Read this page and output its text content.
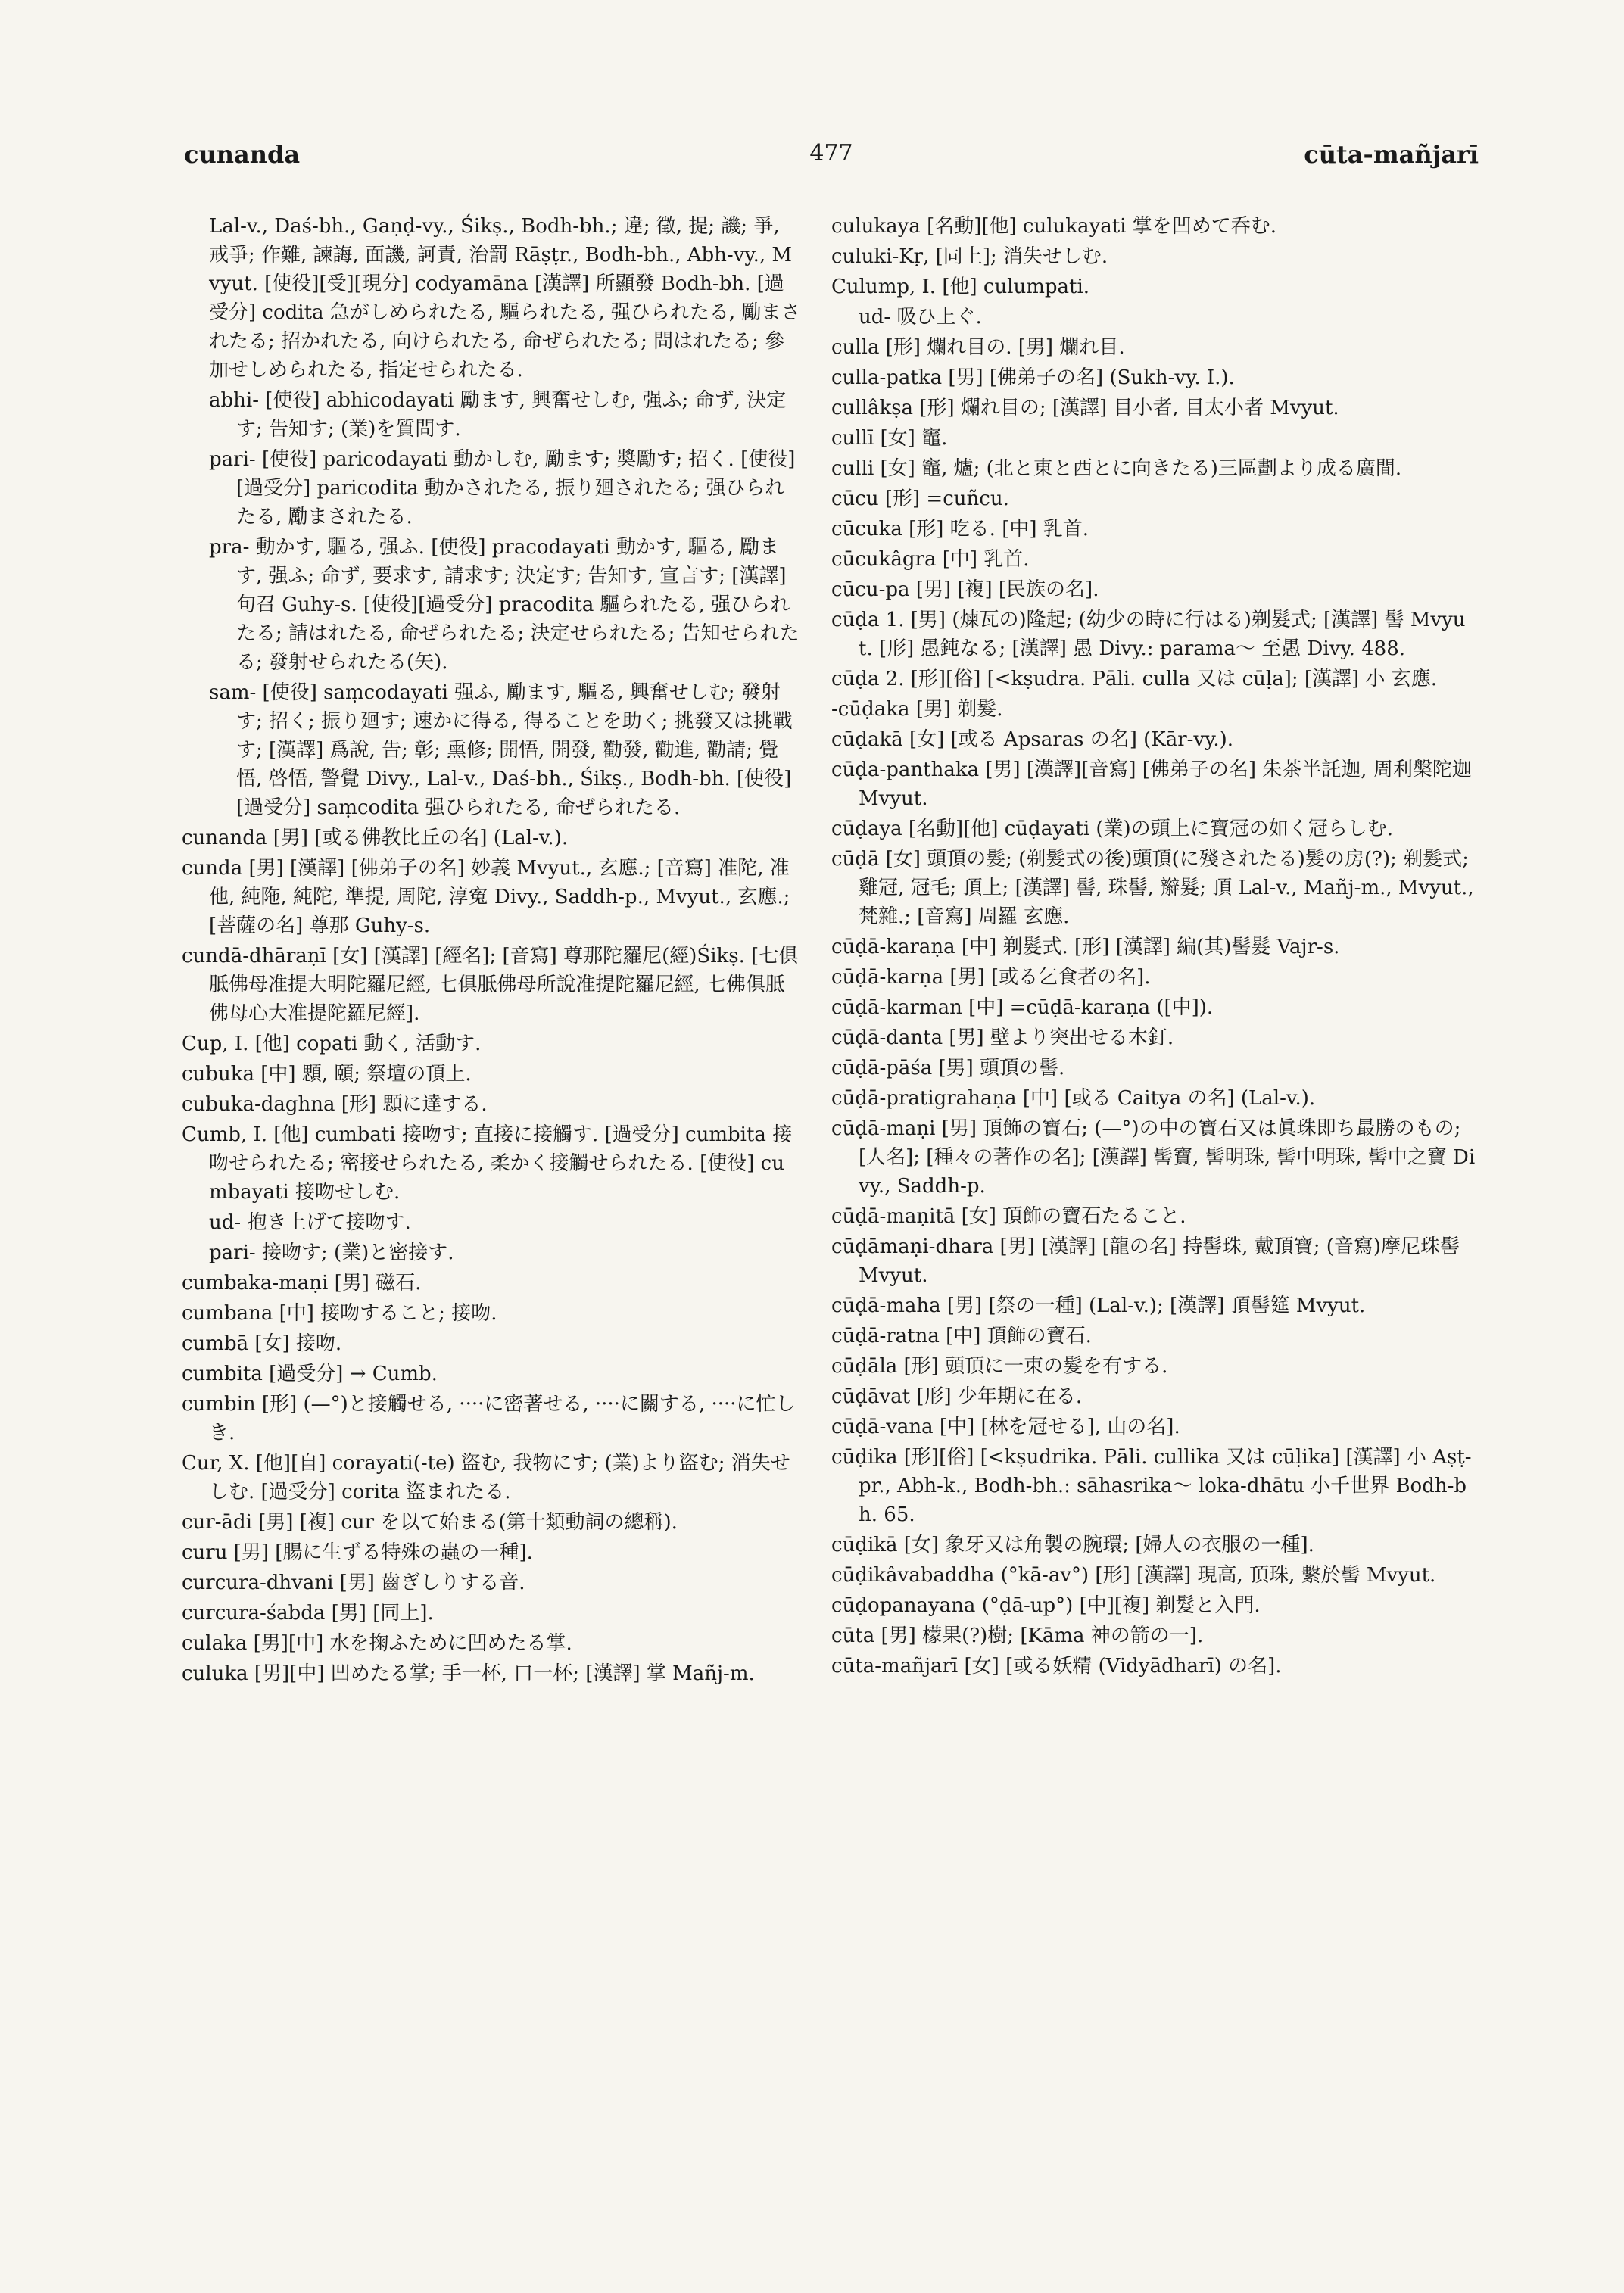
cunanda	477	cūta-mañjarī
Lal-v., Daś-bh., Gaṇḍ-vy., Śikṣ., Bodh-bh.; 違; 徵, 提; 譏; 爭, 戒爭; 作難, 諫誨, 面譏, 訶責, 治罰 Rāṣṭr., Bodh-bh., Abh-vy., Mvyut. [使役][受][現分] codyamāna [漢譯] 所顯發 Bodh-bh. [過受分] codita 急がしめられたる, 驅られたる, 强ひられたる, 勵まされたる; 招かれたる, 向けられたる, 命ぜられたる; 問はれたる; 參加せしめられたる, 指定せられたる.
abhi- [使役] abhicodayati 勵ます, 興奮せしむ, 强ふ; 命ず, 決定す; 告知す; (業)を質問す.
pari- [使役] paricodayati 動かしむ, 勵ます; 奬勵す; 招く. [使役][過受分] paricodita 動かされたる, 振り廻されたる; 强ひられたる, 勵まされたる.
pra- 動かす, 驅る, 强ふ. [使役] pracodayati 動かす, 驅る, 勵ます, 强ふ; 命ず, 要求す, 請求す; 決定す; 告知す, 宣言す; [漢譯] 句召 Guhy-s. [使役][過受分] pracodita 驅られたる, 强ひられたる; 請はれたる, 命ぜられたる; 決定せられたる; 告知せられたる; 發射せられたる(矢).
sam- [使役] saṃcodayati 强ふ, 勵ます, 驅る, 興奮せしむ; 發射す; 招く; 振り廻す; 速かに得る, 得ることを助く; 挑發又は挑戰す; [漢譯] 爲說, 告; 彰; 熏修; 開悟, 開發, 勸發, 勸進, 勸請; 覺悟, 啓悟, 警覺 Divy., Lal-v., Daś-bh., Śikṣ., Bodh-bh. [使役][過受分] saṃcodita 强ひられたる, 命ぜられたる.
cunanda [男] [或る佛教比丘の名] (Lal-v.).
cunda [男] [漢譯] [佛弟子の名] 妙義 Mvyut., 玄應.; [音寫] 准陀, 准他, 純陁, 純陀, 準提, 周陀, 淳寃 Divy., Saddh-p., Mvyut., 玄應.; [菩薩の名] 尊那 Guhy-s.
cundā-dhāraṇī [女] [漢譯] [經名]; [音寫] 尊那陀羅尼(經)Śikṣ. [七俱胝佛母准提大明陀羅尼經, 七俱胝佛母所說准提陀羅尼經, 七佛俱胝佛母心大准提陀羅尼經].
Cup, I. [他] copati 動く, 活動す.
cubuka [中] 顋, 頤; 祭壇の頂上.
cubuka-daghna [形] 顋に達する.
Cumb, I. [他] cumbati 接吻す; 直接に接觸す. [過受分] cumbita 接吻せられたる; 密接せられたる, 柔かく接觸せられたる. [使役] cumbayati 接吻せしむ.
ud- 抱き上げて接吻す.
pari- 接吻す; (業)と密接す.
cumbaka-maṇi [男] 磁石.
cumbana [中] 接吻すること; 接吻.
cumbā [女] 接吻.
cumbita [過受分] → Cumb.
cumbin [形] (—°)と接觸せる, ····に密著せる, ····に關する, ····に忙しき.
Cur, X. [他][自] corayati(-te) 盜む, 我物にす; (業)より盜む; 消失せしむ. [過受分] corita 盜まれたる.
cur-ādi [男] [複] cur を以て始まる(第十類動詞の總稱).
curu [男] [腸に生ずる特殊の蟲の一種].
curcura-dhvani [男] 齒ぎしりする音.
curcura-śabda [男] [同上].
culaka [男][中] 水を掬ふために凹めたる掌.
culuka [男][中] 凹めたる掌; 手一杯, 口一杯; [漢譯] 掌 Mañj-m.
culukaya [名動][他] culukayati 掌を凹めて呑む.
culuki-Kṛ, [同上]; 消失せしむ.
Culump, I. [他] culumpati.
ud- 吸ひ上ぐ.
culla [形] 爛れ目の. [男] 爛れ目.
culla-patka [男] [佛弟子の名] (Sukh-vy. I.).
cullâkṣa [形] 爛れ目の; [漢譯] 目小者, 目太小者 Mvyut.
cullī [女] 竈.
culli [女] 竈, 爐; (北と東と西とに向きたる)三區劃より成る廣間.
cūcu [形] =cuñcu.
cūcuka [形] 吃る. [中] 乳首.
cūcukâgra [中] 乳首.
cūcu-pa [男] [複] [民族の名].
cūḍa 1. [男] (煉瓦の)隆起; (幼少の時に行はる)剃髮式; [漢譯] 髻 Mvyut. [形] 愚鈍なる; [漢譯] 愚 Divy.: parama〜 至愚 Divy. 488.
cūḍa 2. [形][俗] [<kṣudra. Pāli. culla 又は cūḷa]; [漢譯] 小 玄應.
-cūḍaka [男] 剃髮.
cūḍakā [女] [或る Apsaras の名] (Kār-vy.).
cūḍa-panthaka [男] [漢譯][音寫] [佛弟子の名] 朱茶半託迦, 周利槃陀迦 Mvyut.
cūḍaya [名動][他] cūḍayati (業)の頭上に寶冠の如く冠らしむ.
cūḍā [女] 頭頂の髮; (剃髮式の後)頭頂(に殘されたる)髮の房(?); 剃髮式; 雞冠, 冠毛; 頂上; [漢譯] 髻, 珠髻, 辮髮; 頂 Lal-v., Mañj-m., Mvyut., 梵雜.; [音寫] 周羅 玄應.
cūḍā-karaṇa [中] 剃髮式. [形] [漢譯] 編(其)髻髮 Vajr-s.
cūḍā-karṇa [男] [或る乞食者の名].
cūḍā-karman [中] =cūḍā-karaṇa ([中]).
cūḍā-danta [男] 壁より突出せる木釘.
cūḍā-pāśa [男] 頭頂の髻.
cūḍā-pratigrahaṇa [中] [或る Caitya の名] (Lal-v.).
cūḍā-maṇi [男] 頂飾の寶石; (—°)の中の寶石又は眞珠即ち最勝のもの; [人名]; [種々の著作の名]; [漢譯] 髻寶, 髻明珠, 髻中明珠, 髻中之寶 Divy., Saddh-p.
cūḍā-maṇitā [女] 頂飾の寶石たること.
cūḍāmaṇi-dhara [男] [漢譯] [龍の名] 持髻珠, 戴頂寶; (音寫)摩尼珠髻 Mvyut.
cūḍā-maha [男] [祭の一種] (Lal-v.); [漢譯] 頂髻筵 Mvyut.
cūḍā-ratna [中] 頂飾の寶石.
cūḍāla [形] 頭頂に一束の髮を有する.
cūḍāvat [形] 少年期に在る.
cūḍā-vana [中] [林を冠せる], 山の名].
cūḍika [形][俗] [<kṣudrika. Pāli. cullika 又は cūḷika] [漢譯] 小 Aṣṭ-pr., Abh-k., Bodh-bh.: sāhasrika〜 loka-dhātu 小千世界 Bodh-bh. 65.
cūḍikā [女] 象牙又は角製の腕環; [婦人の衣服の一種].
cūḍikâvabaddha (°kā-av°) [形] [漢譯] 現高, 頂珠, 繫於髻 Mvyut.
cūḍopanayana (°ḍā-up°) [中][複] 剃髮と入門.
cūta [男] 檬果(?)樹; [Kāma 神の箭の一].
cūta-mañjarī [女] [或る妖精 (Vidyādharī) の名].
